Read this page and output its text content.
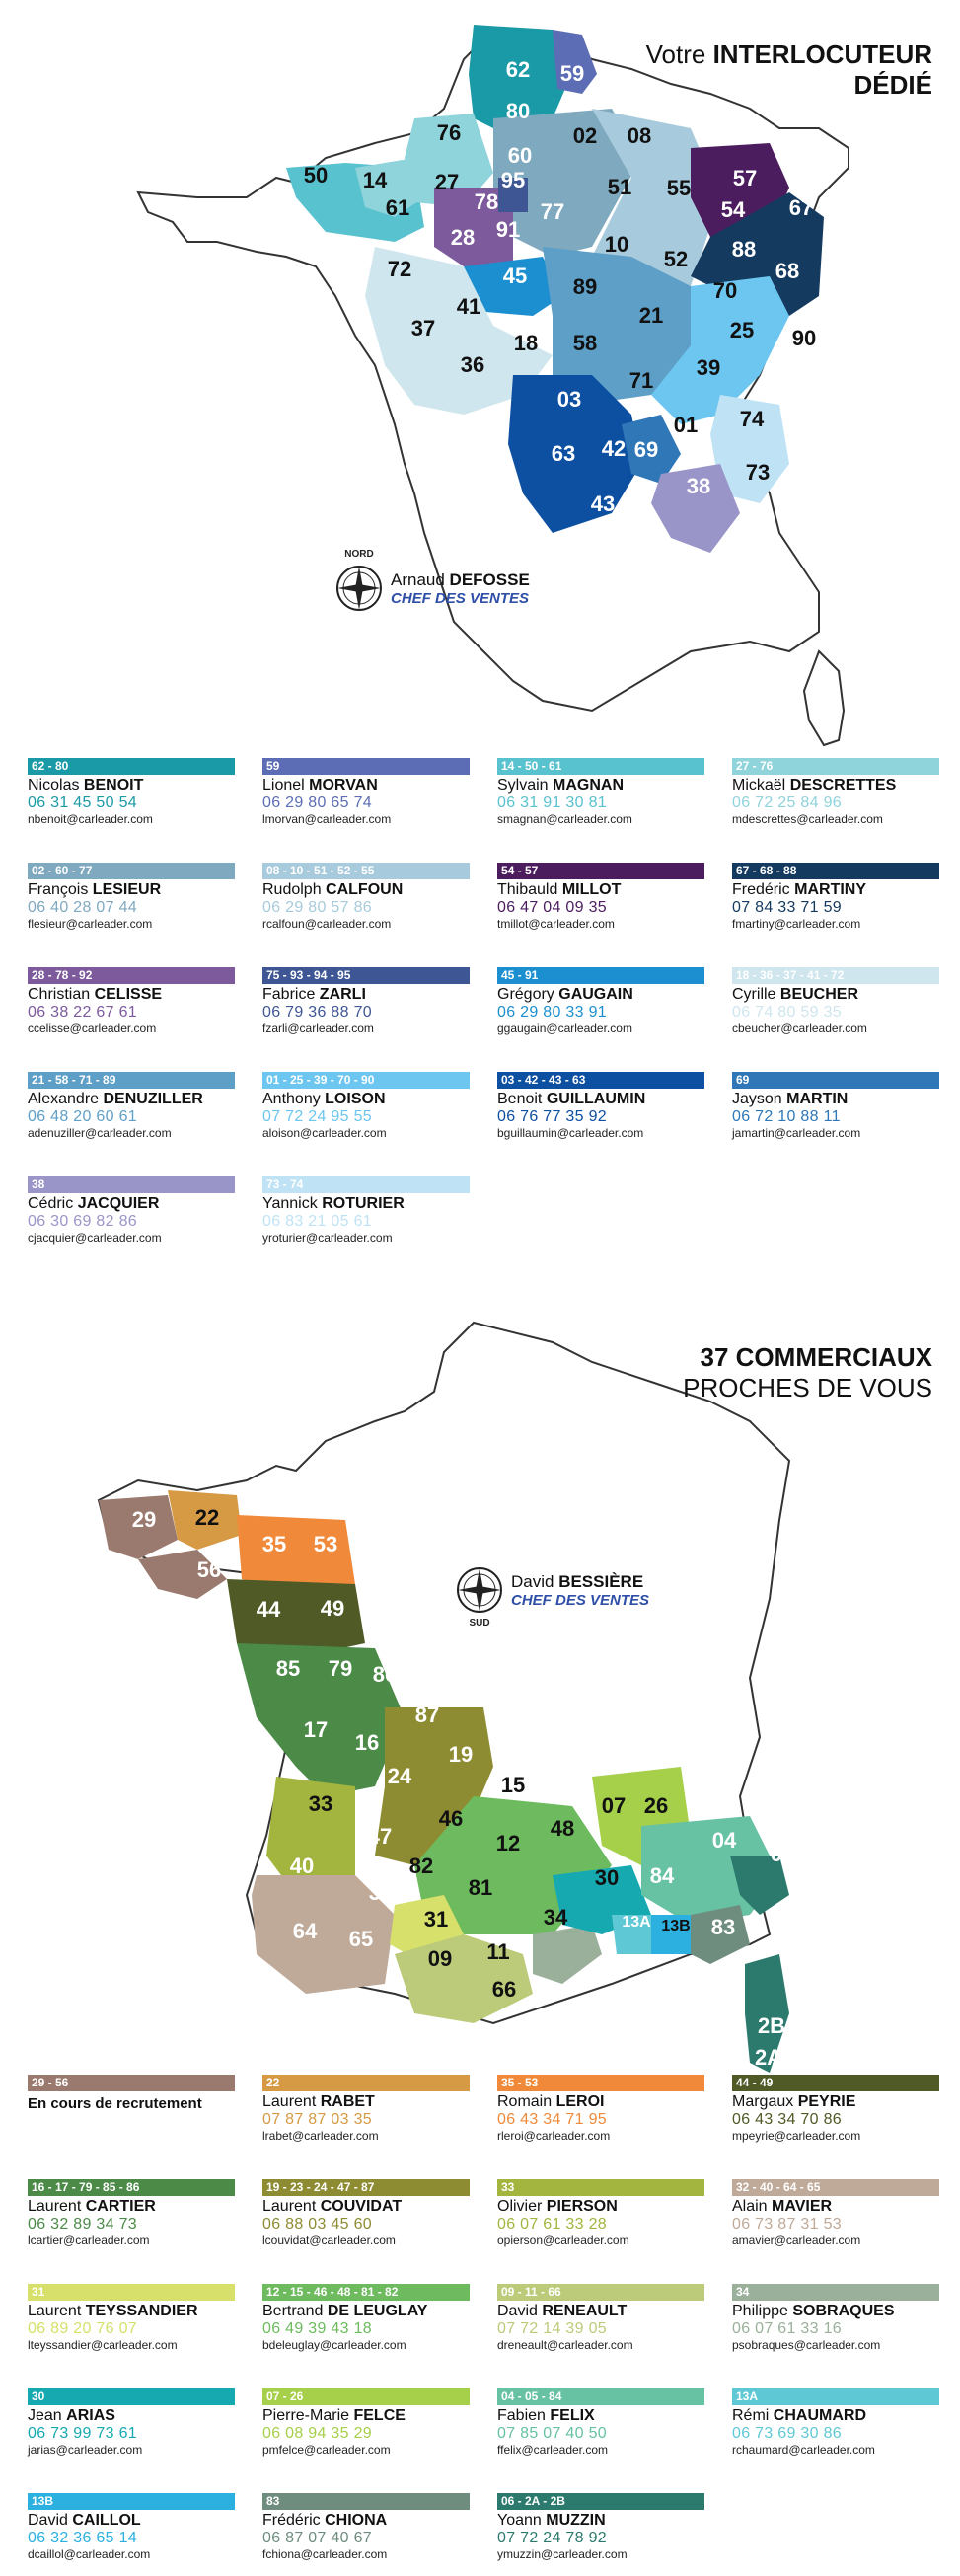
62 59
80
76	02 08
60
50 14 27 95	57
67
54
61	78 77
51 55
28 91
88
68
10
52
72	45 89	70
41	21
25 90
37
18 58
36	39
71
03
01 74
69
42
63
73
38
43
Votre INTERLOCUTEUR
DÉDIÉ
NORD
Arnaud DEFOSSE
CHEF DES VENTES
62 - 80
Nicolas BENOIT
06 31 45 50 54
nbenoit@carleader.com
59
Lionel MORVAN
06 29 80 65 74
lmorvan@carleader.com
14 - 50 - 61
Sylvain MAGNAN
06 31 91 30 81
smagnan@carleader.com
27 - 76
Mickaël DESCRETTES
06 72 25 84 96
mdescrettes@carleader.com
02 - 60 - 77
François LESIEUR
06 40 28 07 44
flesieur@carleader.com
08 - 10 - 51 - 52 - 55
Rudolph CALFOUN
06 29 80 57 86
rcalfoun@carleader.com
54 - 57
Thibauld MILLOT
06 47 04 09 35
tmillot@carleader.com
67 - 68 - 88
Fredéric MARTINY
07 84 33 71 59
fmartiny@carleader.com
28 - 78 - 92
Christian CELISSE
06 38 22 67 61
ccelisse@carleader.com
75 - 93 - 94 - 95
Fabrice ZARLI
06 79 36 88 70
fzarli@carleader.com
45 - 91
Grégory GAUGAIN
06 29 80 33 91
ggaugain@carleader.com
18 - 36 - 37 - 41 - 72
Cyrille BEUCHER
06 74 80 59 35
cbeucher@carleader.com
21 - 58 - 71 - 89
Alexandre DENUZILLER
06 48 20 60 61
adenuziller@carleader.com
01 - 25 - 39 - 70 - 90
Anthony LOISON
07 72 24 95 55
aloison@carleader.com
03 - 42 - 43 - 63
Benoit GUILLAUMIN
06 76 77 35 92
bguillaumin@carleader.com
69
Jayson MARTIN
06 72 10 88 11
jamartin@carleader.com
38
Cédric JACQUIER
06 30 69 82 86
cjacquier@carleader.com
73 - 74
Yannick ROTURIER
06 83 21 05 61
yroturier@carleader.com
29 22
35 53
56
44 49
85 79 86
17
16
87
23
19
24
33
47
15
46
12
48
07 26 05
04
06
40	82
81	30 84
13A 13B 83
32
64 65
31	34
09 11
66
2B
2A
37 COMMERCIAUX
PROCHES DE VOUS
SUD
David BESSIÈRE
CHEF DES VENTES
29 - 56
En cours de recrutement
22
Laurent RABET
07 87 87 03 35
lrabet@carleader.com
35 - 53
Romain LEROI
06 43 34 71 95
rleroi@carleader.com
44 - 49
Margaux PEYRIE
06 43 34 70 86
mpeyrie@carleader.com
16 - 17 - 79 - 85 - 86
Laurent CARTIER
06 32 89 34 73
lcartier@carleader.com
19 - 23 - 24 - 47 - 87
Laurent COUVIDAT
06 88 03 45 60
lcouvidat@carleader.com
33
Olivier PIERSON
06 07 61 33 28
opierson@carleader.com
32 - 40 - 64 - 65
Alain MAVIER
06 73 87 31 53
amavier@carleader.com
31
Laurent TEYSSANDIER
06 89 20 76 07
lteyssandier@carleader.com
12 - 15 - 46 - 48 - 81 - 82
Bertrand DE LEUGLAY
06 49 39 43 18
bdeleuglay@carleader.com
09 - 11 - 66
David RENEAULT
07 72 14 39 05
dreneault@carleader.com
34
Philippe SOBRAQUES
06 07 61 33 16
psobraques@carleader.com
30
Jean ARIAS
06 73 99 73 61
jarias@carleader.com
07 - 26
Pierre-Marie FELCE
06 08 94 35 29
pmfelce@carleader.com
04 - 05 - 84
Fabien FELIX
07 85 07 40 50
ffelix@carleader.com
13A
Rémi CHAUMARD
06 73 69 30 86
rchaumard@carleader.com
13B
David CAILLOL
06 32 36 65 14
dcaillol@carleader.com
83
Frédéric CHIONA
06 87 07 40 67
fchiona@carleader.com
06 - 2A - 2B
Yoann MUZZIN
07 72 24 78 92
ymuzzin@carleader.com
